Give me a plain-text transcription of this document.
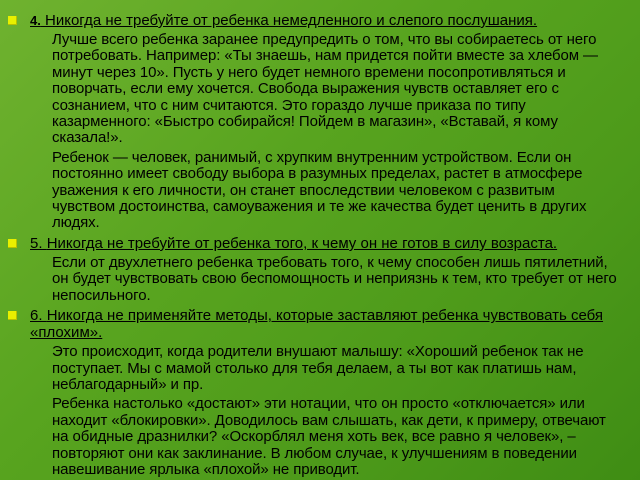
4. Никогда не требуйте от ребенка немедленного и слепого послушания.

Лучше всего ребенка заранее предупредить о том, что вы собираетесь от него потребовать. Например: «Ты знаешь, нам придется пойти вместе за хлебом — минут через 10». Пусть у него будет немного времени посопротивляться и поворчать, если ему хочется. Свобода выражения чувств оставляет его с сознанием, что с ним считаются. Это гораздо лучше приказа по типу казарменного: «Быстро собирайся! Пойдем в магазин», «Вставай, я кому сказала!».

Ребенок — человек, ранимый, с хрупким внутренним устройством. Если он постоянно имеет свободу выбора в разумных пределах, растет в атмосфере уважения к его личности, он станет впоследствии человеком с развитым чувством достоинства, самоуважения и те же качества будет ценить в других людях.

5. Никогда не требуйте от ребенка того, к чему он не готов в силу возраста.

Если от двухлетнего ребенка требовать того, к чему способен лишь пятилетний, он будет чувствовать свою беспомощность и неприязнь к тем, кто требует от него непосильного.

6. Никогда не применяйте методы, которые заставляют ребенка чувствовать себя «плохим».

Это происходит, когда родители внушают малышу: «Хороший ребенок так не поступает. Мы с мамой столько для тебя делаем, а ты вот как платишь нам, неблагодарный» и пр.

Ребенка настолько «достают» эти нотации, что он просто «отключается» или находит «блокировки». Доводилось вам слышать, как дети, к примеру, отвечают на обидные дразнилки? «Оскорблял меня хоть век, все равно я человек», – повторяют они как заклинание. В любом случае, к улучшениям в поведении навешивание ярлыка «плохой» не приводит.
